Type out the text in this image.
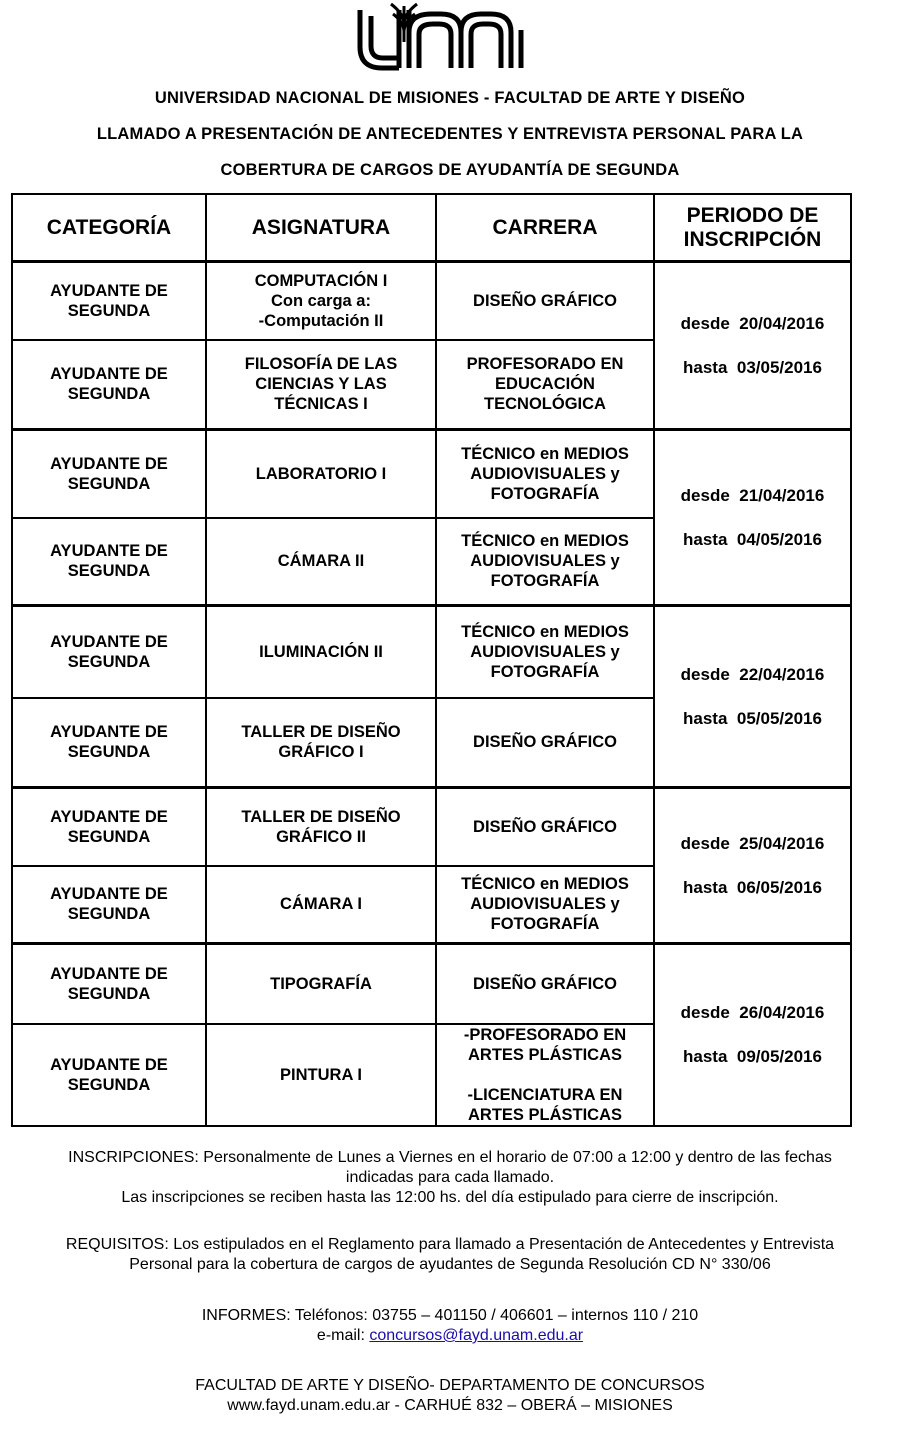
UNIVERSIDAD NACIONAL DE MISIONES - FACULTAD DE ARTE Y DISEÑO
LLAMADO A PRESENTACIÓN DE ANTECEDENTES Y ENTREVISTA PERSONAL PARA LA
COBERTURA DE CARGOS DE AYUDANTÍA DE SEGUNDA
CATEGORÍA	ASIGNATURA	CARRERA	PERIODO DE INSCRIPCIÓN
AYUDANTE DE SEGUNDA	COMPUTACIÓN I
Con carga a:
-Computación II	DISEÑO GRÁFICO	desde  20/04/2016
hasta  03/05/2016

AYUDANTE DE SEGUNDA	FILOSOFÍA DE LAS
CIENCIAS Y LAS
TÉCNICAS I	PROFESORADO EN
EDUCACIÓN
TECNOLÓGICA	

AYUDANTE DE SEGUNDA	LABORATORIO I	TÉCNICO en MEDIOS
AUDIOVISUALES y
FOTOGRAFÍA	desde  21/04/2016
hasta  04/05/2016

AYUDANTE DE SEGUNDA	CÁMARA II	TÉCNICO en MEDIOS
AUDIOVISUALES y
FOTOGRAFÍA	

AYUDANTE DE SEGUNDA	ILUMINACIÓN II	TÉCNICO en MEDIOS
AUDIOVISUALES y
FOTOGRAFÍA	desde  22/04/2016
hasta  05/05/2016

AYUDANTE DE SEGUNDA	TALLER DE DISEÑO
GRÁFICO I	DISEÑO GRÁFICO	

AYUDANTE DE SEGUNDA	TALLER DE DISEÑO
GRÁFICO II	DISEÑO GRÁFICO	desde  25/04/2016
hasta  06/05/2016

AYUDANTE DE SEGUNDA	CÁMARA I	TÉCNICO en MEDIOS
AUDIOVISUALES y
FOTOGRAFÍA	

AYUDANTE DE SEGUNDA	TIPOGRAFÍA	DISEÑO GRÁFICO	desde  26/04/2016
hasta  09/05/2016

AYUDANTE DE SEGUNDA	PINTURA I	-PROFESORADO EN
ARTES PLÁSTICAS
-LICENCIATURA EN
ARTES PLÁSTICAS	
INSCRIPCIONES: Personalmente de Lunes a Viernes en el horario de 07:00 a 12:00 y dentro de las fechas
indicadas para cada llamado.
Las inscripciones se reciben hasta las 12:00 hs. del día estipulado para cierre de inscripción.
REQUISITOS: Los estipulados en el Reglamento para llamado a Presentación de Antecedentes y Entrevista
Personal para la cobertura de cargos de ayudantes de Segunda Resolución CD N° 330/06
INFORMES: Teléfonos: 03755 – 401150 / 406601 – internos 110 / 210
e-mail: concursos@fayd.unam.edu.ar
FACULTAD DE ARTE Y DISEÑO- DEPARTAMENTO DE CONCURSOS
www.fayd.unam.edu.ar - CARHUÉ 832 – OBERÁ – MISIONES
